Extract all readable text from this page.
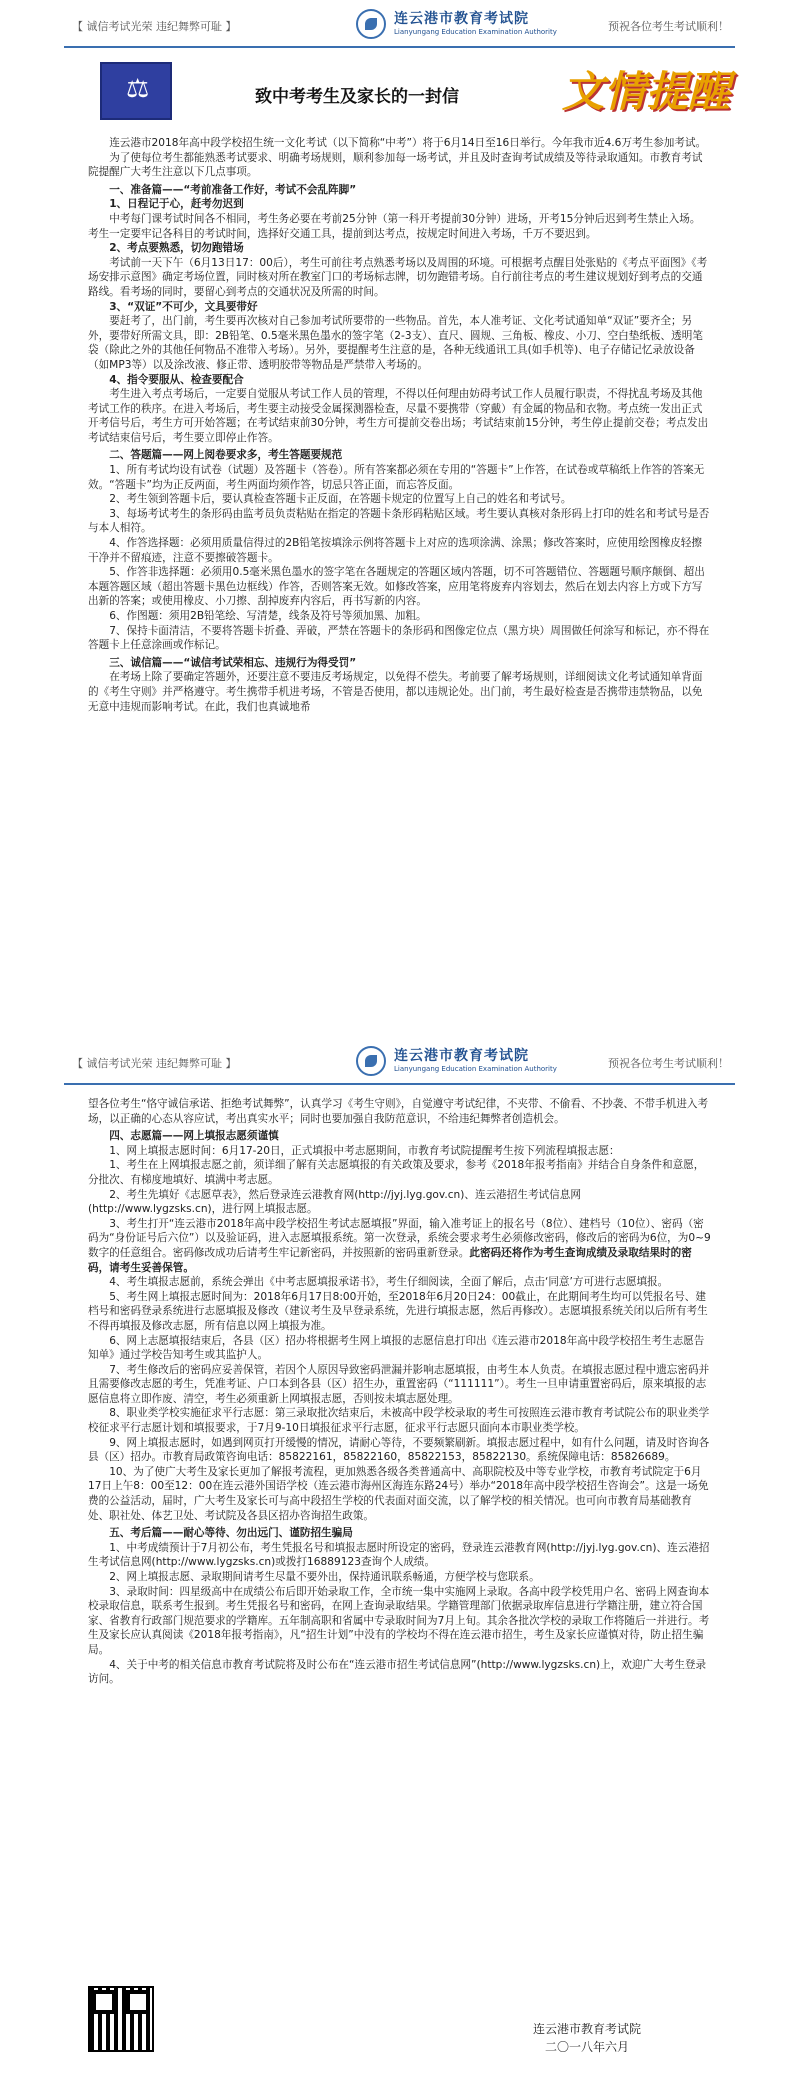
【 诚信考试光荣 违纪舞弊可耻 】	连云港市教育考试院
Lianyungang Education Examination Authority	预祝各位考生考试顺利！
⚖	致中考考生及家长的一封信 文情提醒

连云港市2018年高中段学校招生统一文化考试（以下简称“中考”）将于6月14日至16日举行。今年我市近4.6万考生参加考试。

为了使每位考生都能熟悉考试要求、明确考场规则，顺利参加每一场考试，并且及时查询考试成绩及等待录取通知。市教育考试院提醒广大考生注意以下几点事项。

一、准备篇——“考前准备工作好，考试不会乱阵脚”

1、日程记于心，赶考勿迟到

中考每门课考试时间各不相同，考生务必要在考前25分钟（第一科开考提前30分钟）进场，开考15分钟后迟到考生禁止入场。考生一定要牢记各科目的考试时间，选择好交通工具，提前到达考点，按规定时间进入考场，千万不要迟到。

2、考点要熟悉，切勿跑错场

考试前一天下午（6月13日17：00后），考生可前往考点熟悉考场以及周围的环境。可根据考点醒目处张贴的《考点平面图》《考场安排示意图》确定考场位置，同时核对所在教室门口的考场标志牌，切勿跑错考场。自行前往考点的考生建议规划好到考点的交通路线。看考场的同时，要留心到考点的交通状况及所需的时间。

3、“双证”不可少，文具要带好

要赶考了，出门前，考生要再次核对自己参加考试所要带的一些物品。首先，本人准考证、文化考试通知单“双证”要齐全；另外，要带好所需文具，即：2B铅笔、0.5毫米黑色墨水的签字笔（2-3支）、直尺、圆规、三角板、橡皮、小刀、空白垫纸板、透明笔袋（除此之外的其他任何物品不准带入考场）。另外，要提醒考生注意的是，各种无线通讯工具(如手机等)、电子存储记忆录放设备（如MP3等）以及涂改液、修正带、透明胶带等物品是严禁带入考场的。

4、指令要服从、检查要配合

考生进入考点考场后，一定要自觉服从考试工作人员的管理，不得以任何理由妨碍考试工作人员履行职责，不得扰乱考场及其他考试工作的秩序。在进入考场后，考生要主动接受金属探测器检查，尽量不要携带（穿戴）有金属的物品和衣物。考点统一发出正式开考信号后，考生方可开始答题；在考试结束前30分钟，考生方可提前交卷出场；考试结束前15分钟，考生停止提前交卷；考点发出考试结束信号后，考生要立即停止作答。

二、答题篇——网上阅卷要求多，考生答题要规范

1、所有考试均设有试卷（试题）及答题卡（答卷）。所有答案都必须在专用的“答题卡”上作答，在试卷或草稿纸上作答的答案无效。“答题卡”均为正反两面，考生两面均须作答，切忌只答正面，而忘答反面。

2、考生领到答题卡后，要认真检查答题卡正反面，在答题卡规定的位置写上自己的姓名和考试号。

3、每场考试考生的条形码由监考员负责粘贴在指定的答题卡条形码粘贴区域。考生要认真核对条形码上打印的姓名和考试号是否与本人相符。

4、作答选择题：必须用质量信得过的2B铅笔按填涂示例将答题卡上对应的选项涂满、涂黑；修改答案时，应使用绘图橡皮轻擦干净并不留痕迹，注意不要擦破答题卡。

5、作答非选择题：必须用0.5毫米黑色墨水的签字笔在各题规定的答题区域内答题，切不可答题错位、答题题号顺序颠倒、超出本题答题区域（超出答题卡黑色边框线）作答，否则答案无效。如修改答案，应用笔将废弃内容划去，然后在划去内容上方或下方写出新的答案；或使用橡皮、小刀擦、刮掉废弃内容后，再书写新的内容。

6、作图题：须用2B铅笔绘、写清楚，线条及符号等须加黑、加粗。

7、保持卡面清洁，不要将答题卡折叠、弄破，严禁在答题卡的条形码和图像定位点（黑方块）周围做任何涂写和标记，亦不得在答题卡上任意涂画或作标记。

三、诚信篇——“诚信考试荣相忘、违规行为得受罚”

在考场上除了要确定答题外，还要注意不要违反考场规定，以免得不偿失。考前要了解考场规则，详细阅读文化考试通知单背面的《考生守则》并严格遵守。考生携带手机进考场，不管是否使用，都以违规论处。出门前，考生最好检查是否携带违禁物品，以免无意中违规而影响考试。在此，我们也真诚地希

【 诚信考试光荣 违纪舞弊可耻 】	连云港市教育考试院
Lianyungang Education Examination Authority	预祝各位考生考试顺利！

望各位考生“恪守诚信承诺、拒绝考试舞弊”，认真学习《考生守则》，自觉遵守考试纪律，不夹带、不偷看、不抄袭、不带手机进入考场，以正确的心态从容应试，考出真实水平；同时也要加强自我防范意识，不给违纪舞弊者创造机会。

四、志愿篇——网上填报志愿须谨慎

1、网上填报志愿时间：6月17-20日，正式填报中考志愿期间，市教育考试院提醒考生按下列流程填报志愿：

1、考生在上网填报志愿之前，须详细了解有关志愿填报的有关政策及要求，参考《2018年报考指南》并结合自身条件和意愿，分批次、有梯度地填好、填满中考志愿。

2、考生先填好《志愿草表》，然后登录连云港教育网(http://jyj.lyg.gov.cn)、连云港招生考试信息网(http://www.lygzsks.cn)，进行网上填报志愿。

3、考生打开“连云港市2018年高中段学校招生考试志愿填报”界面，输入准考证上的报名号（8位）、建档号（10位）、密码（密码为“身份证号后六位”）以及验证码，进入志愿填报系统。第一次登录，系统会要求考生必须修改密码，修改后的密码为6位，为0~9数字的任意组合。密码修改成功后请考生牢记新密码，并按照新的密码重新登录。此密码还将作为考生查询成绩及录取结果时的密码，请考生妥善保管。

4、考生填报志愿前，系统会弹出《中考志愿填报承诺书》，考生仔细阅读，全面了解后，点击‘同意’方可进行志愿填报。

5、考生网上填报志愿时间为：2018年6月17日8:00开始，至2018年6月20日24：00截止，在此期间考生均可以凭报名号、建档号和密码登录系统进行志愿填报及修改（建议考生及早登录系统，先进行填报志愿，然后再修改）。志愿填报系统关闭以后所有考生不得再填报及修改志愿，所有信息以网上填报为准。

6、网上志愿填报结束后，各县（区）招办将根据考生网上填报的志愿信息打印出《连云港市2018年高中段学校招生考生志愿告知单》通过学校告知考生或其监护人。

7、考生修改后的密码应妥善保管，若因个人原因导致密码泄漏并影响志愿填报，由考生本人负责。在填报志愿过程中遗忘密码并且需要修改志愿的考生，凭准考证、户口本到各县（区）招生办，重置密码（“111111”）。考生一旦申请重置密码后，原来填报的志愿信息将立即作废、清空，考生必须重新上网填报志愿，否则按未填志愿处理。

8、职业类学校实施征求平行志愿：第三录取批次结束后，未被高中段学校录取的考生可按照连云港市教育考试院公布的职业类学校征求平行志愿计划和填报要求，于7月9-10日填报征求平行志愿，征求平行志愿只面向本市职业类学校。

9、网上填报志愿时，如遇到网页打开缓慢的情况，请耐心等待，不要频繁刷新。填报志愿过程中，如有什么问题，请及时咨询各县（区）招办。市教育局政策咨询电话：85822161，85822160，85822153，85822130。系统保障电话：85826689。

10、为了使广大考生及家长更加了解报考流程，更加熟悉各级各类普通高中、高职院校及中等专业学校，市教育考试院定于6月17日上午8：00至12：00在连云港外国语学校（连云港市海州区海连东路24号）举办“2018年高中段学校招生咨询会”。这是一场免费的公益活动，届时，广大考生及家长可与高中段招生学校的代表面对面交流，以了解学校的相关情况。也可向市教育局基础教育处、职社处、体艺卫处、考试院及各县区招办咨询招生政策。

五、考后篇——耐心等待、勿出远门、谨防招生骗局

1、中考成绩预计于7月初公布，考生凭报名号和填报志愿时所设定的密码，登录连云港教育网(http://jyj.lyg.gov.cn)、连云港招生考试信息网(http://www.lygzsks.cn)或拨打16889123查询个人成绩。

2、网上填报志愿、录取期间请考生尽量不要外出，保持通讯联系畅通，方便学校与您联系。

3、录取时间：四星级高中在成绩公布后即开始录取工作，全市统一集中实施网上录取。各高中段学校凭用户名、密码上网查询本校录取信息，联系考生报到。考生凭报名号和密码，在网上查询录取结果。学籍管理部门依据录取库信息进行学籍注册，建立符合国家、省教育行政部门规范要求的学籍库。五年制高职和省属中专录取时间为7月上旬。其余各批次学校的录取工作将随后一并进行。考生及家长应认真阅读《2018年报考指南》，凡“招生计划”中没有的学校均不得在连云港市招生，考生及家长应谨慎对待，防止招生骗局。

4、关于中考的相关信息市教育考试院将及时公布在“连云港市招生考试信息网”(http://www.lygzsks.cn)上，欢迎广大考生登录访问。

连云港市教育考试院
二〇一八年六月
